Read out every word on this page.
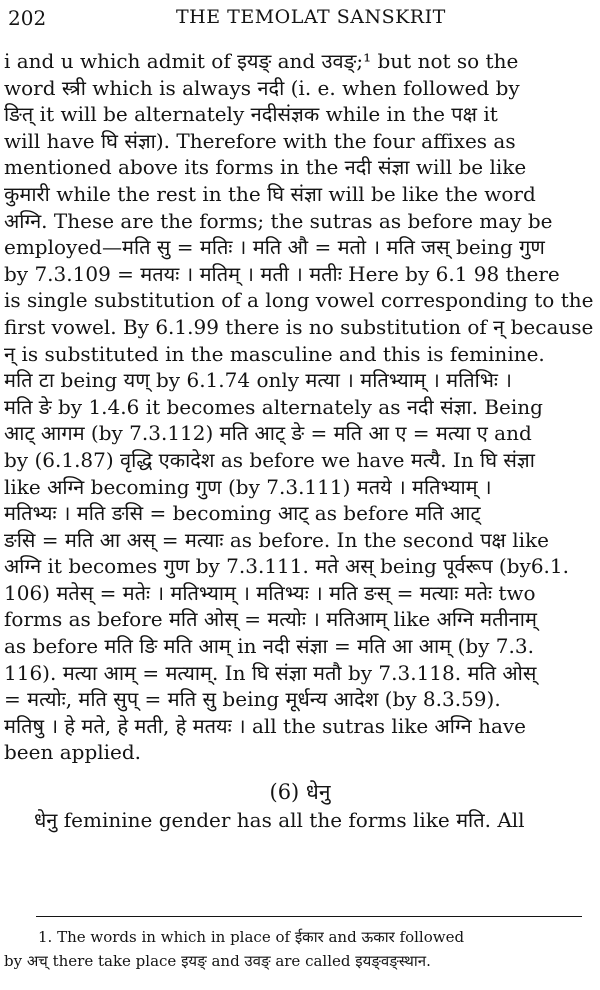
202	THE TEMOLAT SANSKRIT
i and u which admit of इयङ् and उवङ्;¹ but not so the
word स्त्री which is always नदी (i. e. when followed by
ङित् it will be alternately नदीसंज्ञक while in the पक्ष it
will have घि संज्ञा). Therefore with the four affixes as
mentioned above its forms in the नदी संज्ञा will be like
कुमारी while the rest in the घि संज्ञा will be like the word
अग्नि. These are the forms; the sutras as before may be
employed—मति सु = मतिः । मति औ = मतो । मति जस् being गुण
by 7.3.109 = मतयः । मतिम् । मती । मतीः Here by 6.1 98 there
is single substitution of a long vowel corresponding to the
first vowel. By 6.1.99 there is no substitution of न् because
न् is substituted in the masculine and this is feminine.
मति टा being यण् by 6.1.74 only मत्या । मतिभ्याम् । मतिभिः ।
मति ङे by 1.4.6 it becomes alternately as नदी संज्ञा. Being
आट् आगम (by 7.3.112) मति आट् ङे = मति आ ए = मत्या ए and
by (6.1.87) वृद्धि एकादेश as before we have मत्यै. In घि संज्ञा
like अग्नि becoming गुण (by 7.3.111) मतये । मतिभ्याम् ।
मतिभ्यः । मति ङसि = becoming आट् as before मति आट्
ङसि = मति आ अस् = मत्याः as before. In the second पक्ष like
अग्नि it becomes गुण by 7.3.111. मते अस् being पूर्वरूप (by6.1.
106) मतेस् = मतेः । मतिभ्याम् । मतिभ्यः । मति ङस् = मत्याः मतेः two
forms as before मति ओस् = मत्योः । मतिआम् like अग्नि मतीनाम्
as before मति ङि मति आम् in नदी संज्ञा = मति आ आम् (by 7.3.
116). मत्या आम् = मत्याम्. In घि संज्ञा मतौ by 7.3.118. मति ओस्
= मत्योः, मति सुप् = मति सु being मूर्धन्य आदेश (by 8.3.59).
मतिषु । हे मते, हे मती, हे मतयः । all the sutras like अग्नि have
been applied.
(6) धेनु
धेनु feminine gender has all the forms like मति. All
1. The words in which in place of ईकार and ऊकार followed
by अच् there take place इयङ् and उवङ् are called इयङ्वङ्स्थान.
